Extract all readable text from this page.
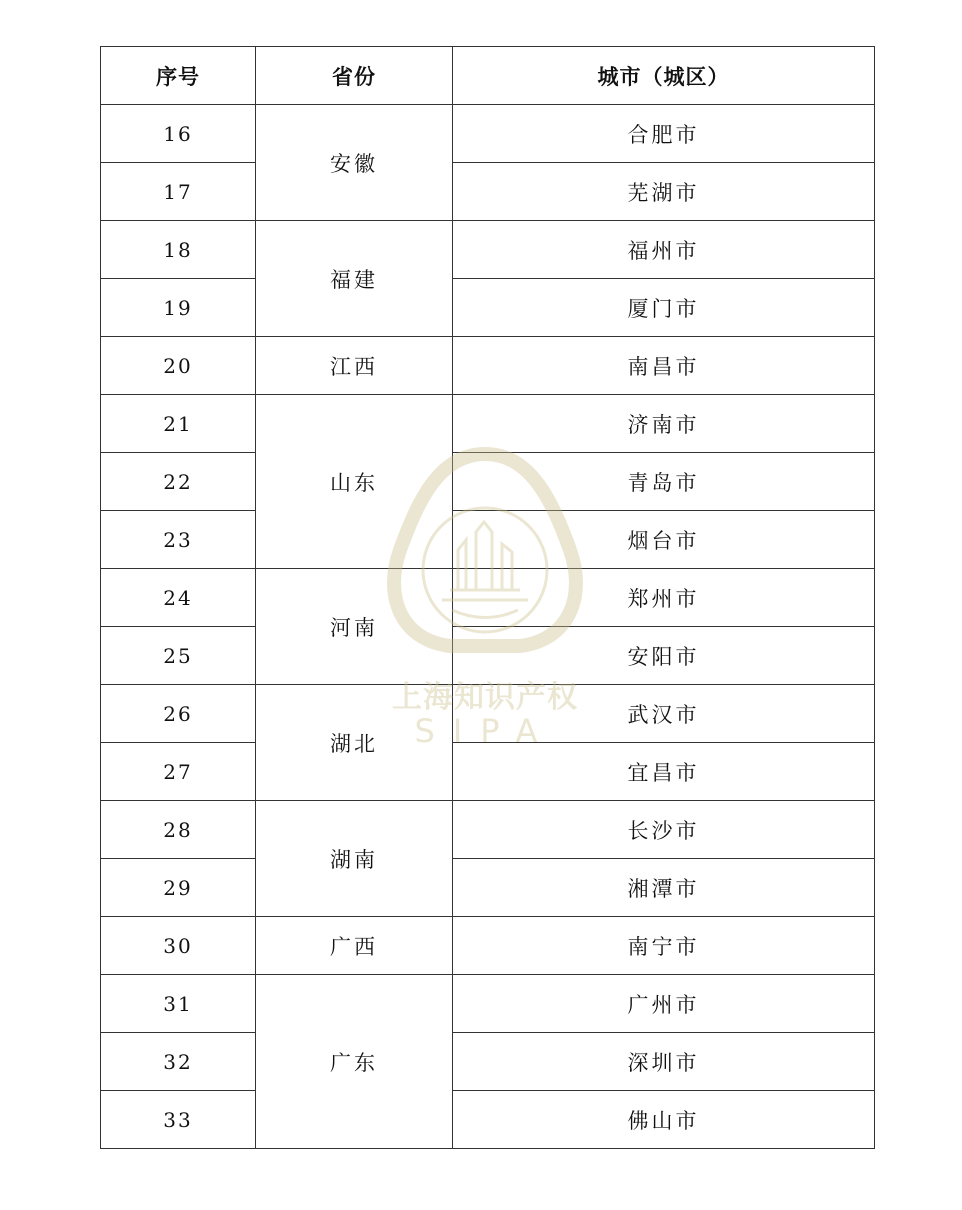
序号	省份	城市（城区）
16	安徽	合肥市
17		芜湖市
18	福建	福州市
19		厦门市
20	江西	南昌市
21	山东	济南市
22		青岛市
23		烟台市
24	河南	郑州市
25		安阳市
26	湖北	武汉市
27		宜昌市
28	湖南	长沙市
29		湘潭市
30	广西	南宁市
31	广东	广州市
32		深圳市
33		佛山市
上海知识产权
SIPA
